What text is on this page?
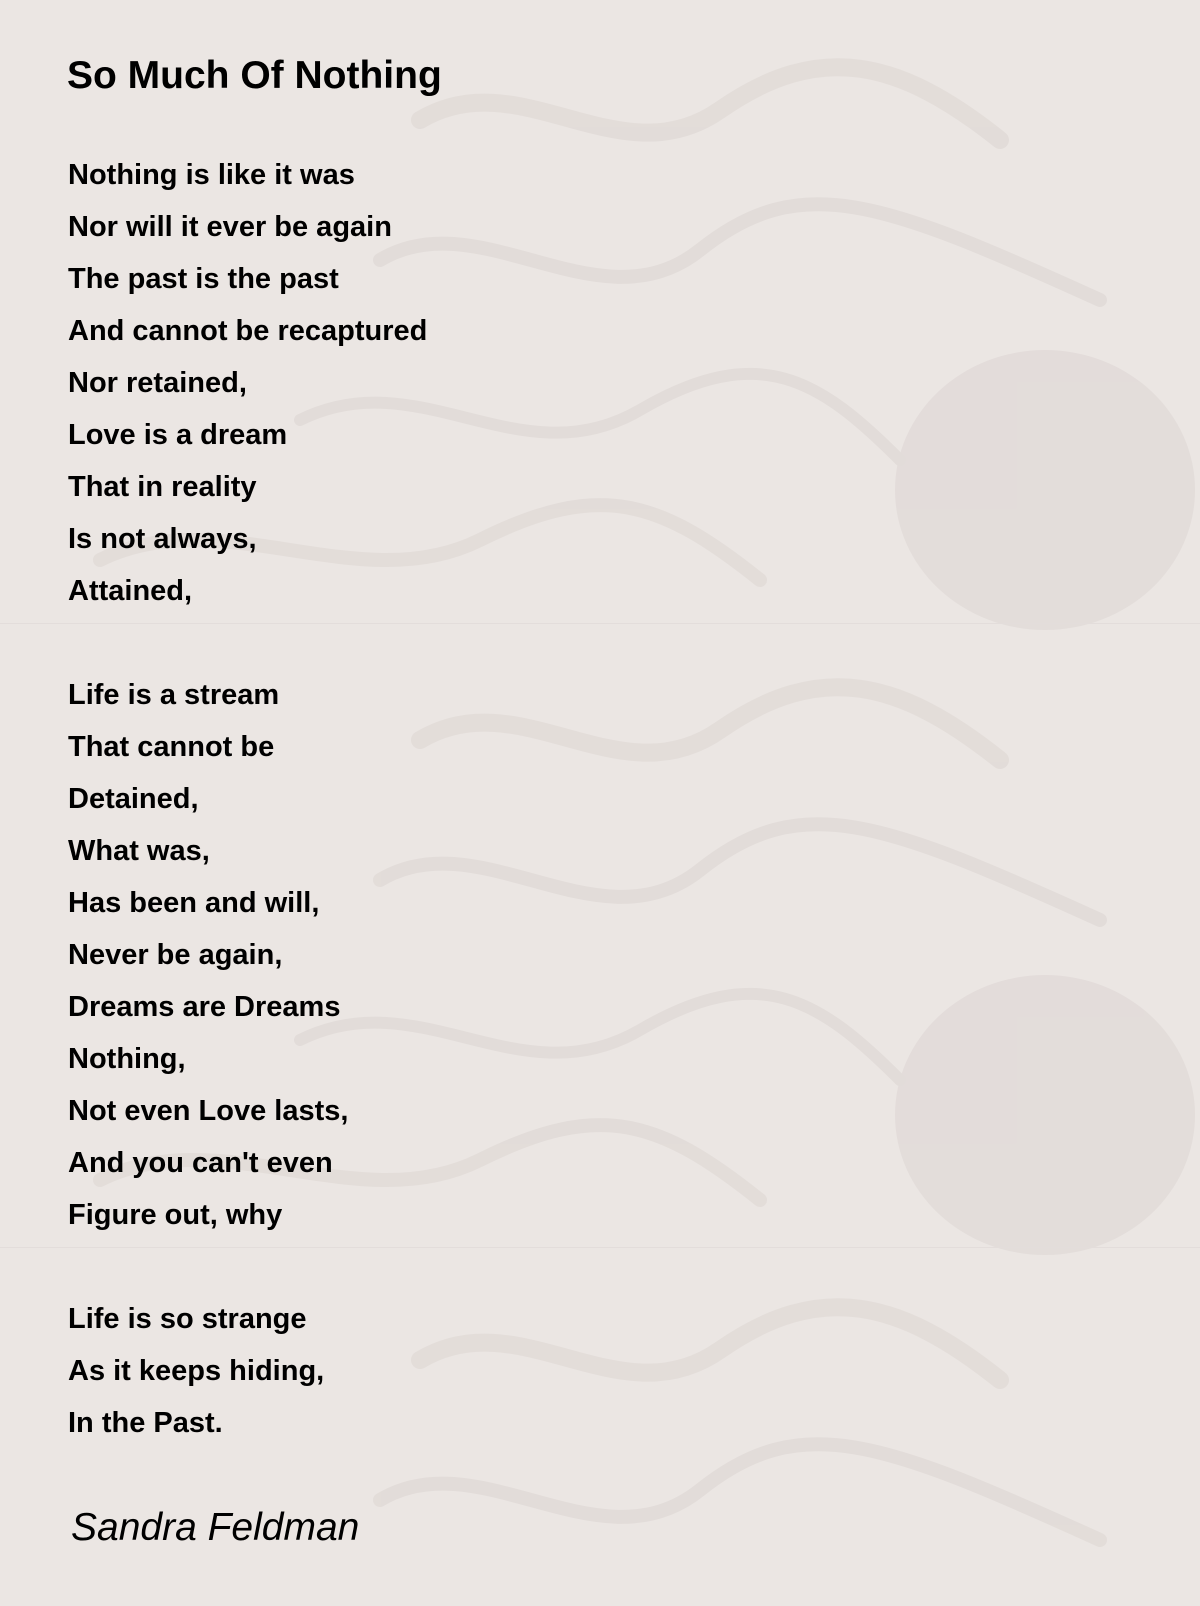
So Much Of Nothing
Nothing is like it was
Nor will it ever be again
The past is the past
And cannot be recaptured
Nor retained,
Love is a dream
That in reality
Is not always,
Attained,
Life is a stream
That cannot be
Detained,
What was,
Has been and will,
Never be again,
Dreams are Dreams
Nothing,
Not even Love lasts,
And you can't even
Figure out, why
Life is so strange
As it keeps hiding,
In the Past.

Sandra Feldman
